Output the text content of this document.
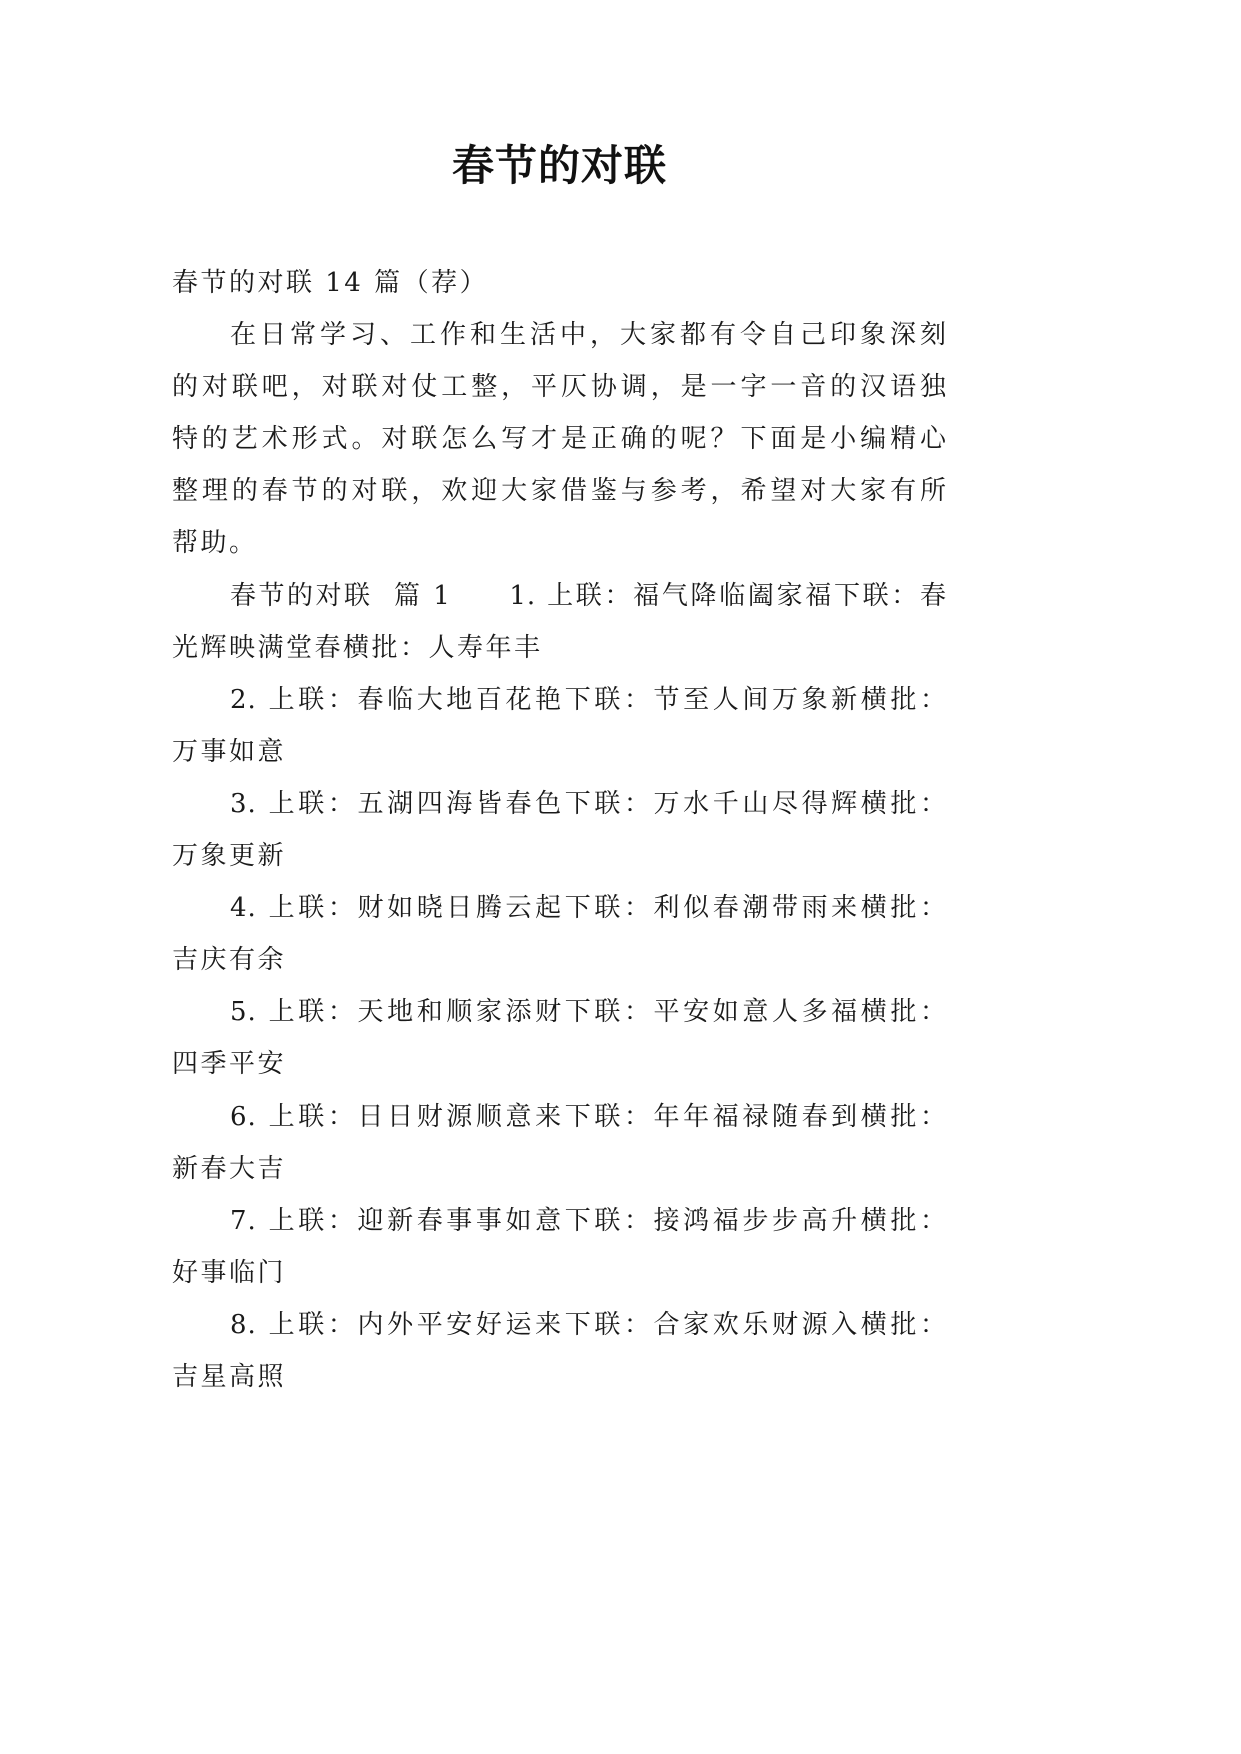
春节的对联
春节的对联 14 篇（荐）
在日常学习、工作和生活中，大家都有令自己印象深刻
的对联吧，对联对仗工整，平仄协调，是一字一音的汉语独
特的艺术形式。对联怎么写才是正确的呢？下面是小编精心
整理的春节的对联，欢迎大家借鉴与参考，希望对大家有所
帮助。
春节的对联  篇 1 1. 上联：福气降临阖家福下联：春
光辉映满堂春横批：人寿年丰
2. 上联：春临大地百花艳下联：节至人间万象新横批：
万事如意
3. 上联：五湖四海皆春色下联：万水千山尽得辉横批：
万象更新
4. 上联：财如晓日腾云起下联：利似春潮带雨来横批：
吉庆有余
5. 上联：天地和顺家添财下联：平安如意人多福横批：
四季平安
6. 上联：日日财源顺意来下联：年年福禄随春到横批：
新春大吉
7. 上联：迎新春事事如意下联：接鸿福步步高升横批：
好事临门
8. 上联：内外平安好运来下联：合家欢乐财源入横批：
吉星高照
